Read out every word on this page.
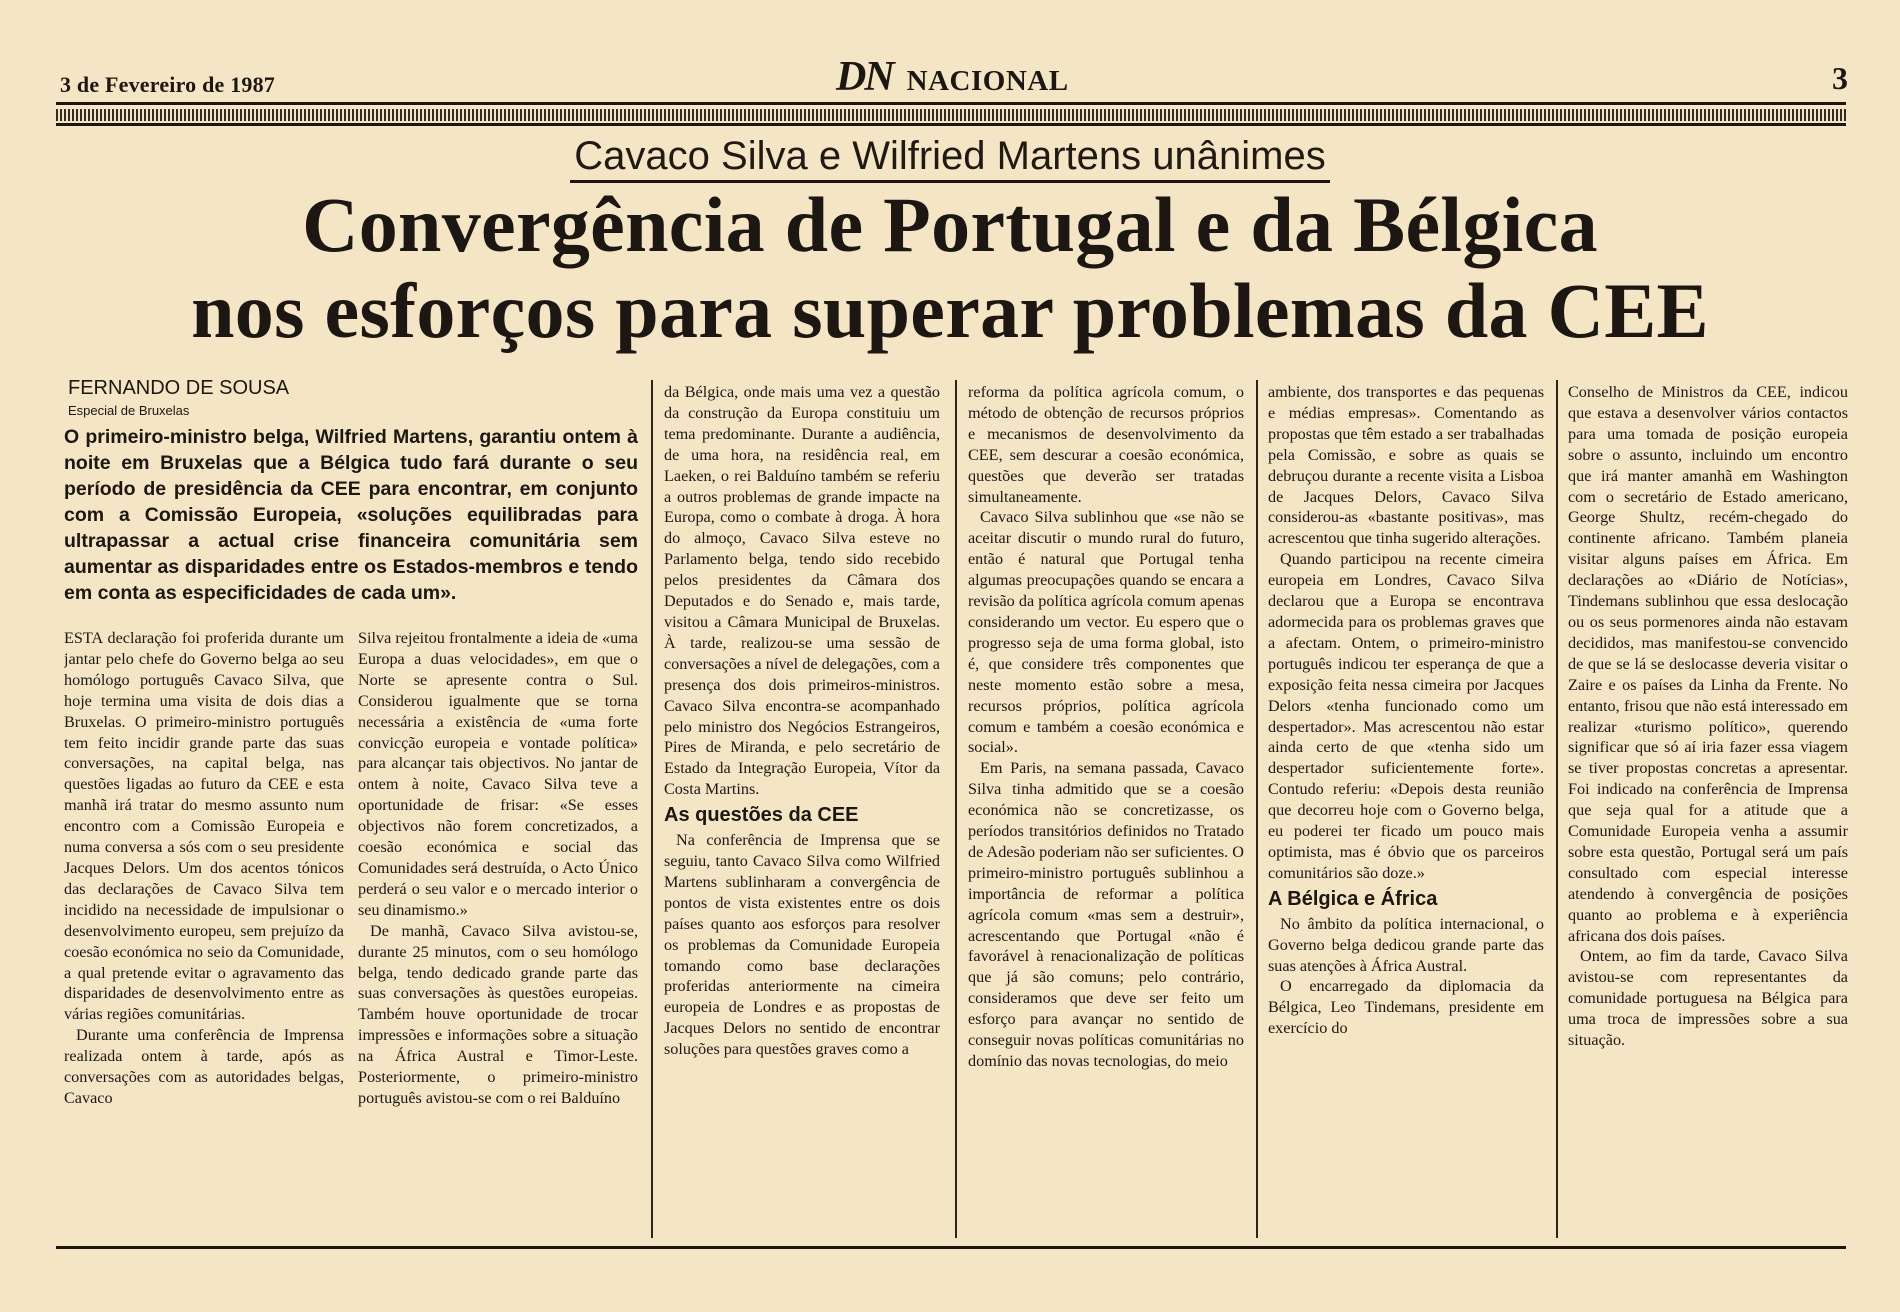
3 de Fevereiro de 1987	DN NACIONAL	3
Cavaco Silva e Wilfried Martens unânimes
Convergência de Portugal e da Bélgica
nos esforços para superar problemas da CEE
FERNANDO DE SOUSA
Especial de Bruxelas
O primeiro-ministro belga, Wilfried Martens, garantiu ontem à noite em Bruxelas que a Bélgica tudo fará durante o seu período de presidência da CEE para encontrar, em conjunto com a Comissão Europeia, «soluções equilibradas para ultrapassar a actual crise financeira comunitária sem aumentar as disparidades entre os Estados-membros e tendo em conta as especificidades de cada um».

ESTA declaração foi proferida durante um jantar pelo chefe do Governo belga ao seu homólogo português Cavaco Silva, que hoje termina uma visita de dois dias a Bruxelas. O primeiro-ministro português tem feito incidir grande parte das suas conversações, na capital belga, nas questões ligadas ao futuro da CEE e esta manhã irá tratar do mesmo assunto num encontro com a Comissão Europeia e numa conversa a sós com o seu presidente Jacques Delors. Um dos acentos tónicos das declarações de Cavaco Silva tem incidido na necessidade de impulsionar o desenvolvimento europeu, sem prejuízo da coesão económica no seio da Comunidade, a qual pretende evitar o agravamento das disparidades de desenvolvimento entre as várias regiões comunitárias.

Durante uma conferência de Imprensa realizada ontem à tarde, após as conversações com as autoridades belgas, Cavaco

Silva rejeitou frontalmente a ideia de «uma Europa a duas velocidades», em que o Norte se apresente contra o Sul. Considerou igualmente que se torna necessária a existência de «uma forte convicção europeia e vontade política» para alcançar tais objectivos. No jantar de ontem à noite, Cavaco Silva teve a oportunidade de frisar: «Se esses objectivos não forem concretizados, a coesão económica e social das Comunidades será destruída, o Acto Único perderá o seu valor e o mercado interior o seu dinamismo.»

De manhã, Cavaco Silva avistou-se, durante 25 minutos, com o seu homólogo belga, tendo dedicado grande parte das suas conversações às questões europeias. Também houve oportunidade de trocar impressões e informações sobre a situação na África Austral e Timor-Leste. Posteriormente, o primeiro-ministro português avistou-se com o rei Balduíno

da Bélgica, onde mais uma vez a questão da construção da Europa constituiu um tema predominante. Durante a audiência, de uma hora, na residência real, em Laeken, o rei Balduíno também se referiu a outros problemas de grande impacte na Europa, como o combate à droga. À hora do almoço, Cavaco Silva esteve no Parlamento belga, tendo sido recebido pelos presidentes da Câmara dos Deputados e do Senado e, mais tarde, visitou a Câmara Municipal de Bruxelas. À tarde, realizou-se uma sessão de conversações a nível de delegações, com a presença dos dois primeiros-ministros. Cavaco Silva encontra-se acompanhado pelo ministro dos Negócios Estrangeiros, Pires de Miranda, e pelo secretário de Estado da Integração Europeia, Vítor da Costa Martins.

As questões da CEE

Na conferência de Imprensa que se seguiu, tanto Cavaco Silva como Wilfried Martens sublinharam a convergência de pontos de vista existentes entre os dois países quanto aos esforços para resolver os problemas da Comunidade Europeia tomando como base declarações proferidas anteriormente na cimeira europeia de Londres e as propostas de Jacques Delors no sentido de encontrar soluções para questões graves como a

reforma da política agrícola comum, o método de obtenção de recursos próprios e mecanismos de desenvolvimento da CEE, sem descurar a coesão económica, questões que deverão ser tratadas simultaneamente.

Cavaco Silva sublinhou que «se não se aceitar discutir o mundo rural do futuro, então é natural que Portugal tenha algumas preocupações quando se encara a revisão da política agrícola comum apenas considerando um vector. Eu espero que o progresso seja de uma forma global, isto é, que considere três componentes que neste momento estão sobre a mesa, recursos próprios, política agrícola comum e também a coesão económica e social».

Em Paris, na semana passada, Cavaco Silva tinha admitido que se a coesão económica não se concretizasse, os períodos transitórios definidos no Tratado de Adesão poderiam não ser suficientes. O primeiro-ministro português sublinhou a importância de reformar a política agrícola comum «mas sem a destruir», acrescentando que Portugal «não é favorável à renacionalização de políticas que já são comuns; pelo contrário, consideramos que deve ser feito um esforço para avançar no sentido de conseguir novas políticas comunitárias no domínio das novas tecnologias, do meio

ambiente, dos transportes e das pequenas e médias empresas». Comentando as propostas que têm estado a ser trabalhadas pela Comissão, e sobre as quais se debruçou durante a recente visita a Lisboa de Jacques Delors, Cavaco Silva considerou-as «bastante positivas», mas acrescentou que tinha sugerido alterações.

Quando participou na recente cimeira europeia em Londres, Cavaco Silva declarou que a Europa se encontrava adormecida para os problemas graves que a afectam. Ontem, o primeiro-ministro português indicou ter esperança de que a exposição feita nessa cimeira por Jacques Delors «tenha funcionado como um despertador». Mas acrescentou não estar ainda certo de que «tenha sido um despertador suficientemente forte». Contudo referiu: «Depois desta reunião que decorreu hoje com o Governo belga, eu poderei ter ficado um pouco mais optimista, mas é óbvio que os parceiros comunitários são doze.»

A Bélgica e África

No âmbito da política internacional, o Governo belga dedicou grande parte das suas atenções à África Austral.

O encarregado da diplomacia da Bélgica, Leo Tindemans, presidente em exercício do

Conselho de Ministros da CEE, indicou que estava a desenvolver vários contactos para uma tomada de posição europeia sobre o assunto, incluindo um encontro que irá manter amanhã em Washington com o secretário de Estado americano, George Shultz, recém-chegado do continente africano. Também planeia visitar alguns países em África. Em declarações ao «Diário de Notícias», Tindemans sublinhou que essa deslocação ou os seus pormenores ainda não estavam decididos, mas manifestou-se convencido de que se lá se deslocasse deveria visitar o Zaire e os países da Linha da Frente. No entanto, frisou que não está interessado em realizar «turismo político», querendo significar que só aí iria fazer essa viagem se tiver propostas concretas a apresentar. Foi indicado na conferência de Imprensa que seja qual for a atitude que a Comunidade Europeia venha a assumir sobre esta questão, Portugal será um país consultado com especial interesse atendendo à convergência de posições quanto ao problema e à experiência africana dos dois países.

Ontem, ao fim da tarde, Cavaco Silva avistou-se com representantes da comunidade portuguesa na Bélgica para uma troca de impressões sobre a sua situação.
